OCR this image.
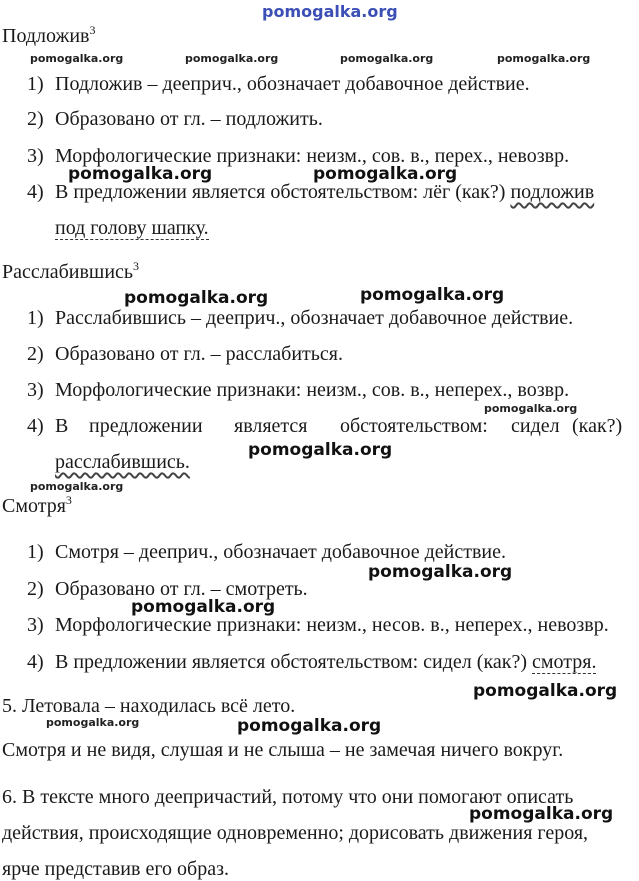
pomogalka.org
Подложив$^3$
pomogalka.org	pomogalka.org	pomogalka.org	pomogalka.org
1) Подложив – дееприч., обозначает добавочное действие.
2) Образовано от гл. – подложить.
3) Морфологические признаки: неизм., сов. в., перех., невозвр.
pomogalka.org	pomogalka.org
4) В предложении является обстоятельством: лёг (как?) подложив
под голову шапку.
Расслабившись$^3$
pomogalka.org	pomogalka.org
1) Расслабившись – дееприч., обозначает добавочное действие.
2) Образовано от гл. – расслабиться.
3) Морфологические признаки: неизм., сов. в., неперех., возвр.
pomogalka.org
4) В предложении является обстоятельством: сидел (как?)
pomogalka.org
расслабившись.
pomogalka.org
Смотря$^3$
1) Смотря – дееприч., обозначает добавочное действие.
pomogalka.org
2) Образовано от гл. – смотреть.
pomogalka.org
3) Морфологические признаки: неизм., несов. в., неперех., невозвр.
4) В предложении является обстоятельством: сидел (как?) смотря.
pomogalka.org
5. Летовала – находилась всё лето.
pomogalka.org	pomogalka.org
Смотря и не видя, слушая и не слыша – не замечая ничего вокруг.
6. В тексте много деепричастий, потому что они помогают описать
pomogalka.org
действия, происходящие одновременно; дорисовать движения героя,
ярче представив его образ.
